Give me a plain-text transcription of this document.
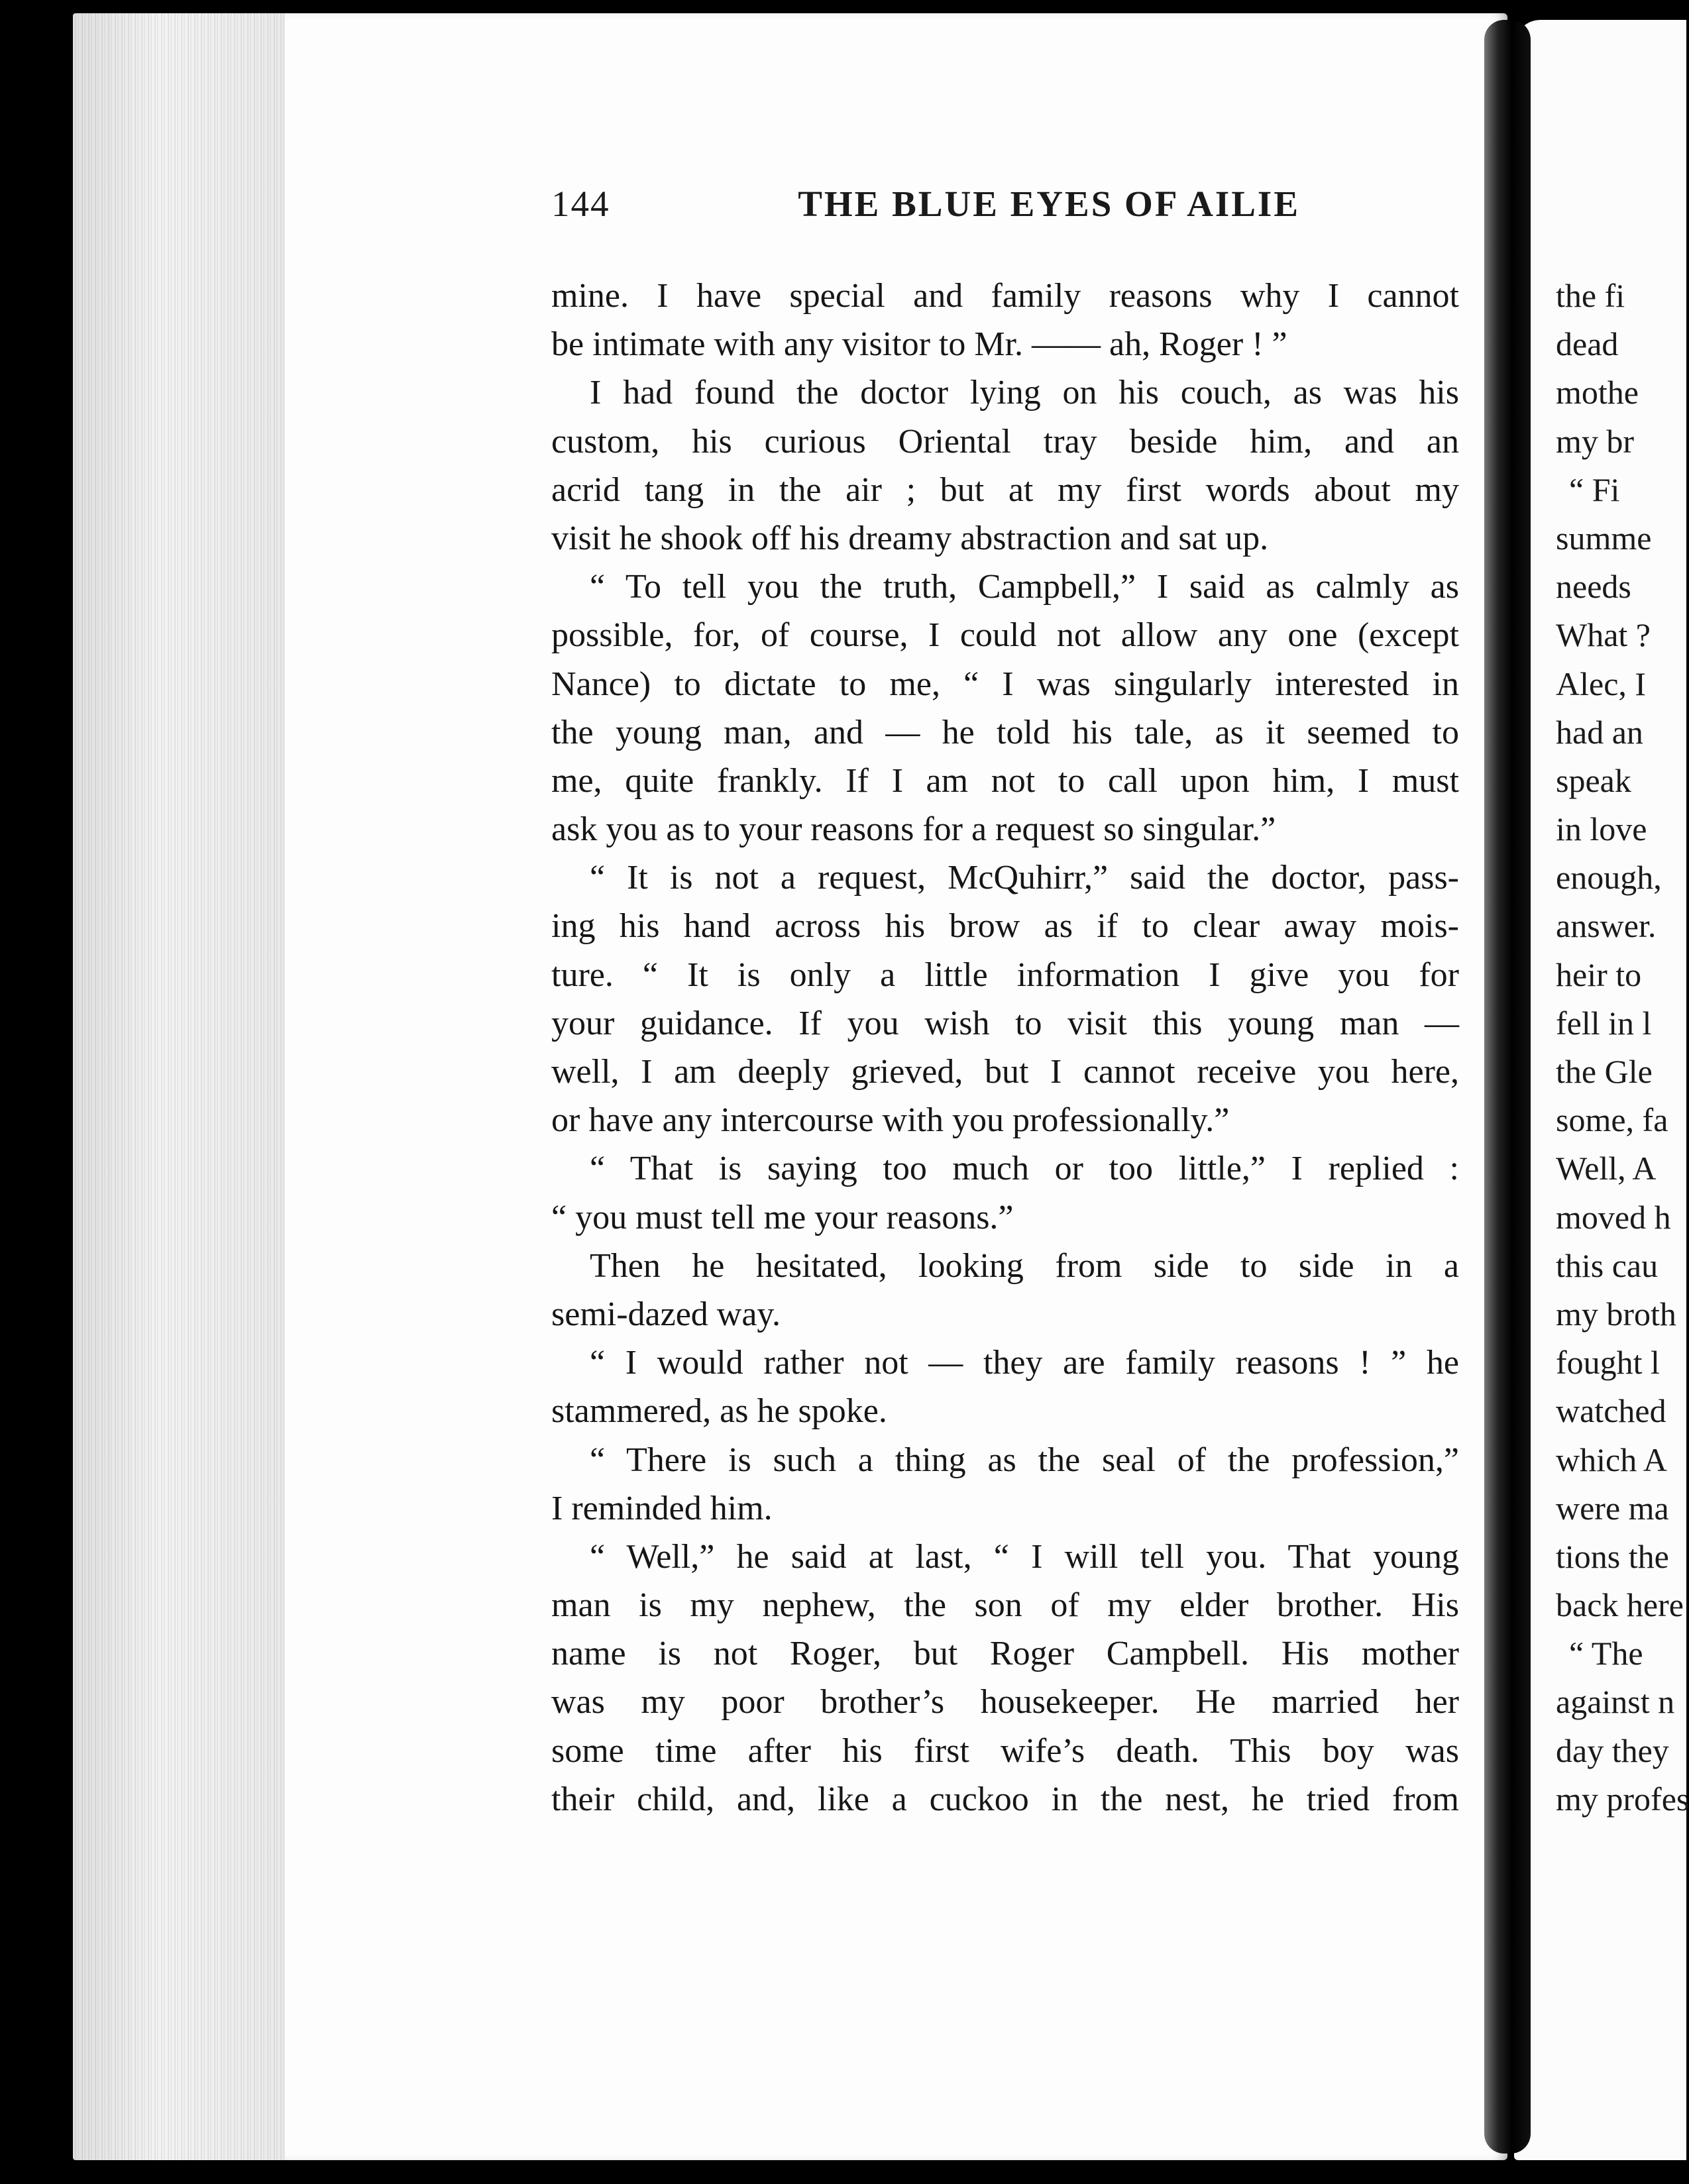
144	THE BLUE EYES OF AILIE
mine. I have special and family reasons why I cannot
be intimate with any visitor to Mr. —— ah, Roger ! ”
I had found the doctor lying on his couch, as was his
custom, his curious Oriental tray beside him, and an
acrid tang in the air ; but at my first words about my
visit he shook off his dreamy abstraction and sat up.
“ To tell you the truth, Campbell,” I said as calmly as
possible, for, of course, I could not allow any one (except
Nance) to dictate to me, “ I was singularly interested in
the young man, and — he told his tale, as it seemed to
me, quite frankly. If I am not to call upon him, I must
ask you as to your reasons for a request so singular.”
“ It is not a request, McQuhirr,” said the doctor, pass-
ing his hand across his brow as if to clear away mois-
ture. “ It is only a little information I give you for
your guidance. If you wish to visit this young man —
well, I am deeply grieved, but I cannot receive you here,
or have any intercourse with you professionally.”
“ That is saying too much or too little,” I replied :
“ you must tell me your reasons.”
Then he hesitated, looking from side to side in a
semi-dazed way.
“ I would rather not — they are family reasons ! ” he
stammered, as he spoke.
“ There is such a thing as the seal of the profession,”
I reminded him.
“ Well,” he said at last, “ I will tell you. That young
man is my nephew, the son of my elder brother. His
name is not Roger, but Roger Campbell. His mother
was my poor brother’s housekeeper. He married her
some time after his first wife’s death. This boy was
their child, and, like a cuckoo in the nest, he tried from
the fi
dead
mothe
my br
“ Fi
summe
needs
What ?
Alec, I
had an
speak
in love
enough,
answer.
heir to
fell in l
the Gle
some, fa
Well, A
moved h
this cau
my broth
fought l
watched
which A
were ma
tions the
back here
“ The
against n
day they
my profes
